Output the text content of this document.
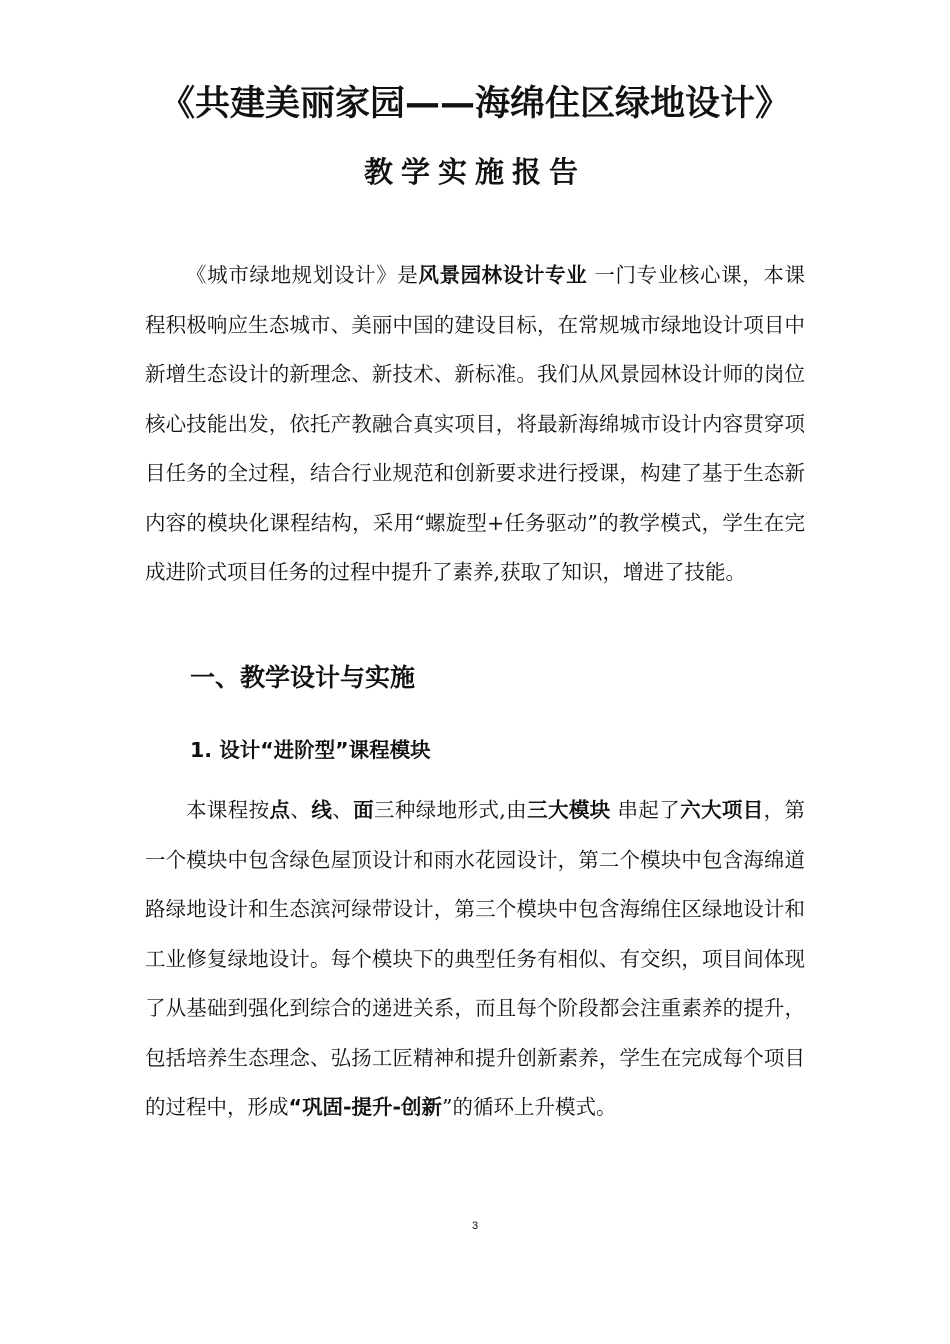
《共建美丽家园——海绵住区绿地设计》
教学实施报告

《城市绿地规划设计》是风景园林设计专业 一门专业核心课，本课程积极响应生态城市、美丽中国的建设目标，在常规城市绿地设计项目中新增生态设计的新理念、新技术、新标准。我们从风景园林设计师的岗位核心技能出发，依托产教融合真实项目，将最新海绵城市设计内容贯穿项目任务的全过程，结合行业规范和创新要求进行授课，构建了基于生态新内容的模块化课程结构，采用“螺旋型+任务驱动”的教学模式，学生在完成进阶式项目任务的过程中提升了素养,获取了知识，增进了技能。

一、教学设计与实施
1. 设计“进阶型”课程模块

本课程按点、线、面三种绿地形式,由三大模块 串起了六大项目，第一个模块中包含绿色屋顶设计和雨水花园设计，第二个模块中包含海绵道路绿地设计和生态滨河绿带设计，第三个模块中包含海绵住区绿地设计和工业修复绿地设计。每个模块下的典型任务有相似、有交织，项目间体现了从基础到强化到综合的递进关系，而且每个阶段都会注重素养的提升，包括培养生态理念、弘扬工匠精神和提升创新素养，学生在完成每个项目的过程中，形成“巩固-提升-创新”的循环上升模式。

3
